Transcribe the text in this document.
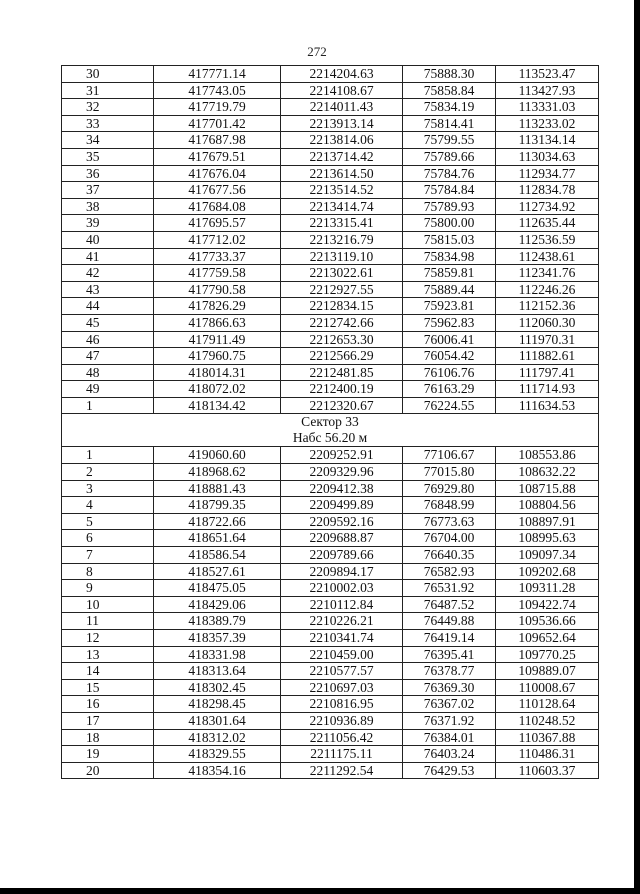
272
30	417771.14	2214204.63	75888.30	113523.47
31	417743.05	2214108.67	75858.84	113427.93
32	417719.79	2214011.43	75834.19	113331.03
33	417701.42	2213913.14	75814.41	113233.02
34	417687.98	2213814.06	75799.55	113134.14
35	417679.51	2213714.42	75789.66	113034.63
36	417676.04	2213614.50	75784.76	112934.77
37	417677.56	2213514.52	75784.84	112834.78
38	417684.08	2213414.74	75789.93	112734.92
39	417695.57	2213315.41	75800.00	112635.44
40	417712.02	2213216.79	75815.03	112536.59
41	417733.37	2213119.10	75834.98	112438.61
42	417759.58	2213022.61	75859.81	112341.76
43	417790.58	2212927.55	75889.44	112246.26
44	417826.29	2212834.15	75923.81	112152.36
45	417866.63	2212742.66	75962.83	112060.30
46	417911.49	2212653.30	76006.41	111970.31
47	417960.75	2212566.29	76054.42	111882.61
48	418014.31	2212481.85	76106.76	111797.41
49	418072.02	2212400.19	76163.29	111714.93
1	418134.42	2212320.67	76224.55	111634.53

Сектор 33
Набс 56.20 м				

1	419060.60	2209252.91	77106.67	108553.86
2	418968.62	2209329.96	77015.80	108632.22
3	418881.43	2209412.38	76929.80	108715.88
4	418799.35	2209499.89	76848.99	108804.56
5	418722.66	2209592.16	76773.63	108897.91
6	418651.64	2209688.87	76704.00	108995.63
7	418586.54	2209789.66	76640.35	109097.34
8	418527.61	2209894.17	76582.93	109202.68
9	418475.05	2210002.03	76531.92	109311.28
10	418429.06	2210112.84	76487.52	109422.74
11	418389.79	2210226.21	76449.88	109536.66
12	418357.39	2210341.74	76419.14	109652.64
13	418331.98	2210459.00	76395.41	109770.25
14	418313.64	2210577.57	76378.77	109889.07
15	418302.45	2210697.03	76369.30	110008.67
16	418298.45	2210816.95	76367.02	110128.64
17	418301.64	2210936.89	76371.92	110248.52
18	418312.02	2211056.42	76384.01	110367.88
19	418329.55	2211175.11	76403.24	110486.31
20	418354.16	2211292.54	76429.53	110603.37
